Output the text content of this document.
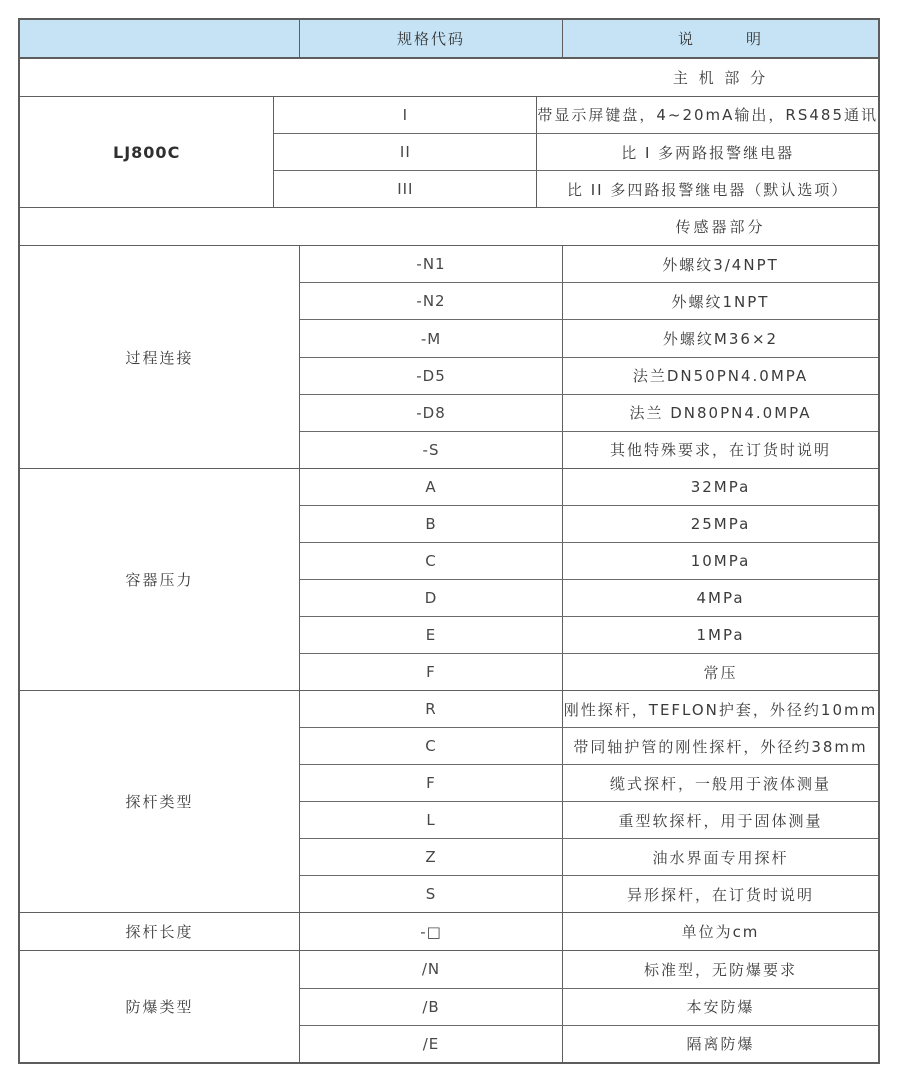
规格代码	说　　　明
主 机 部 分
LJ800C
I	带显示屏键盘，4~20mA输出，RS485通讯
II	比 I 多两路报警继电器
III	比 II 多四路报警继电器（默认选项）
传感器部分
过程连接
-N1	外螺纹3/4NPT
-N2	外螺纹1NPT
-M	外螺纹M36×2
-D5	法兰DN50PN4.0MPA
-D8	法兰 DN80PN4.0MPA
-S	其他特殊要求，在订货时说明
容器压力
A	32MPa
B	25MPa
C	10MPa
D	4MPa
E	1MPa
F	常压
探杆类型
R	刚性探杆，TEFLON护套，外径约10mm
C	带同轴护管的刚性探杆，外径约38mm
F	缆式探杆，一般用于液体测量
L	重型软探杆，用于固体测量
Z	油水界面专用探杆
S	异形探杆，在订货时说明
探杆长度	-□	单位为cm
防爆类型
/N	标准型，无防爆要求
/B	本安防爆
/E	隔离防爆
